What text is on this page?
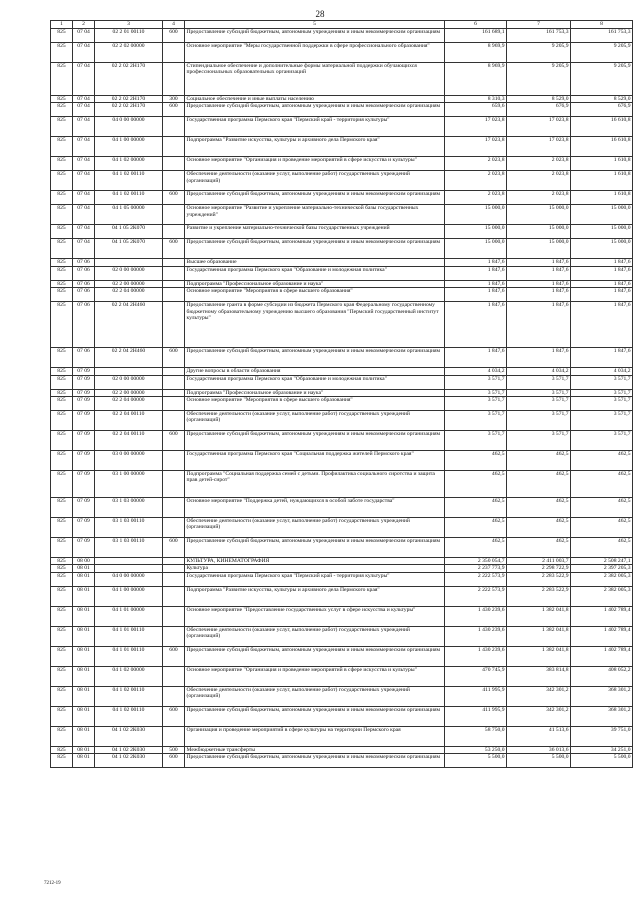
28
1	2	3	4	5	6	7	8
825	07 04	02 2 01 00110	600	Предоставление субсидий бюджетным, автономным учреждениям и иным некоммерческим организациям	161 689,1	161 753,3	161 753,3
825	07 04	02 2 02 00000		Основное мероприятие "Меры государственной поддержки в сфере профессионального образования"	8 969,9	9 205,9	9 205,9
825	07 04	02 2 02 2Н170		Стипендиальное обеспечение и дополнительные формы материальной поддержки обучающихся профессиональных образовательных организаций	8 969,9	9 205,9	9 205,9
825	07 04	02 2 02 2Н170	300	Социальное обеспечение и иные выплаты населению	8 310,3	8 529,0	8 529,0
825	07 04	02 2 02 2Н170	600	Предоставление субсидий бюджетным, автономным учреждениям и иным некоммерческим организациям	659,6	676,9	676,9
825	07 04	04 0 00 00000		Государственная программа Пермского края "Пермский край - территория культуры"	17 023,8	17 023,8	16 610,8
825	07 04	04 1 00 00000		Подпрограмма "Развитие искусства, культуры и архивного дела Пермского края"	17 023,8	17 023,8	16 610,8
825	07 04	04 1 02 00000		Основное мероприятие "Организация и проведение мероприятий в сфере искусства и культуры"	2 023,8	2 023,8	1 610,8
825	07 04	04 1 02 00110		Обеспечение деятельности (оказание услуг, выполнение работ) государственных учреждений (организаций)	2 023,8	2 023,8	1 610,8
825	07 04	04 1 02 00110	600	Предоставление субсидий бюджетным, автономным учреждениям и иным некоммерческим организациям	2 023,8	2 023,8	1 610,8
825	07 04	04 1 05 00000		Основное мероприятие "Развитие и укрепление материально-технической базы государственных учреждений"	15 000,0	15 000,0	15 000,0
825	07 04	04 1 05 2К070		Развитие и укрепление материально-технической базы государственных учреждений	15 000,0	15 000,0	15 000,0
825	07 04	04 1 05 2К070	600	Предоставление субсидий бюджетным, автономным учреждениям и иным некоммерческим организациям	15 000,0	15 000,0	15 000,0
825	07 06			Высшее образование	1 847,6	1 847,6	1 847,6
825	07 06	02 0 00 00000		Государственная программа Пермского края "Образование и молодежная политика"	1 847,6	1 847,6	1 847,6
825	07 06	02 2 00 00000		Подпрограмма "Профессиональное образование и наука"	1 847,6	1 847,6	1 847,6
825	07 06	02 2 04 00000		Основное мероприятие "Мероприятия в сфере высшего образования"	1 847,6	1 847,6	1 847,6
825	07 06	02 2 04 2Н460		Предоставление гранта в форме субсидии из бюджета Пермского края Федеральному государственному бюджетному образовательному учреждению высшего образования "Пермский государственный институт культуры"	1 847,6	1 847,6	1 847,6
825	07 06	02 2 04 2Н460	600	Предоставление субсидий бюджетным, автономным учреждениям и иным некоммерческим организациям	1 847,6	1 847,6	1 847,6
825	07 09			Другие вопросы в области образования	4 034,2	4 034,2	4 034,2
825	07 09	02 0 00 00000		Государственная программа Пермского края "Образование и молодежная политика"	3 571,7	3 571,7	3 571,7
825	07 09	02 2 00 00000		Подпрограмма "Профессиональное образование и наука"	3 571,7	3 571,7	3 571,7
825	07 09	02 2 04 00000		Основное мероприятие "Мероприятия в сфере высшего образования"	3 571,7	3 571,7	3 571,7
825	07 09	02 2 04 00110		Обеспечение деятельности (оказание услуг, выполнение работ) государственных учреждений (организаций)	3 571,7	3 571,7	3 571,7
825	07 09	02 2 04 00110	600	Предоставление субсидий бюджетным, автономным учреждениям и иным некоммерческим организациям	3 571,7	3 571,7	3 571,7
825	07 09	03 0 00 00000		Государственная программа Пермского края "Социальная поддержка жителей Пермского края"	462,5	462,5	462,5
825	07 09	03 1 00 00000		Подпрограмма "Социальная поддержка семей с детьми. Профилактика социального сиротства и защита прав детей-сирот"	462,5	462,5	462,5
825	07 09	03 1 03 00000		Основное мероприятие "Поддержка детей, нуждающихся в особой заботе государства"	462,5	462,5	462,5
825	07 09	03 1 03 00110		Обеспечение деятельности (оказание услуг, выполнение работ) государственных учреждений (организаций)	462,5	462,5	462,5
825	07 09	03 1 03 00110	600	Предоставление субсидий бюджетным, автономным учреждениям и иным некоммерческим организациям	462,5	462,5	462,5
825	08 00			КУЛЬТУРА, КИНЕМАТОГРАФИЯ	2 350 054,7	2 411 003,7	2 508 247,1
825	08 01			Культура	2 237 773,9	2 298 722,9	2 397 205,3
825	08 01	04 0 00 00000		Государственная программа Пермского края "Пермский край - территория культуры"	2 222 573,9	2 283 522,9	2 382 005,3
825	08 01	04 1 00 00000		Подпрограмма "Развитие искусства, культуры и архивного дела Пермского края"	2 222 573,9	2 283 522,9	2 382 005,3
825	08 01	04 1 01 00000		Основное мероприятие "Предоставление государственных услуг в сфере искусства и культуры"	1 430 239,6	1 382 041,8	1 402 789,4
825	08 01	04 1 01 00110		Обеспечение деятельности (оказание услуг, выполнение работ) государственных учреждений (организаций)	1 430 239,6	1 382 041,8	1 402 789,4
825	08 01	04 1 01 00110	600	Предоставление субсидий бюджетным, автономным учреждениям и иным некоммерческим организациям	1 430 239,6	1 382 041,8	1 402 789,4
825	08 01	04 1 02 00000		Основное мероприятие "Организация и проведение мероприятий в сфере искусства и культуры"	470 745,9	383 814,8	408 052,2
825	08 01	04 1 02 00110		Обеспечение деятельности (оказание услуг, выполнение работ) государственных учреждений (организаций)	411 995,9	342 301,2	368 301,2
825	08 01	04 1 02 00110	600	Предоставление субсидий бюджетным, автономным учреждениям и иным некоммерческим организациям	411 995,9	342 301,2	368 301,2
825	08 01	04 1 02 2К030		Организация и проведение мероприятий в сфере культуры на территории Пермского края	58 750,0	41 513,6	39 751,0
825	08 01	04 1 02 2К030	500	Межбюджетные трансферты	53 250,0	36 013,6	34 251,0
825	08 01	04 1 02 2К030	600	Предоставление субсидий бюджетным, автономным учреждениям и иным некоммерческим организациям	5 500,0	5 500,0	5 500,0
7212-19
